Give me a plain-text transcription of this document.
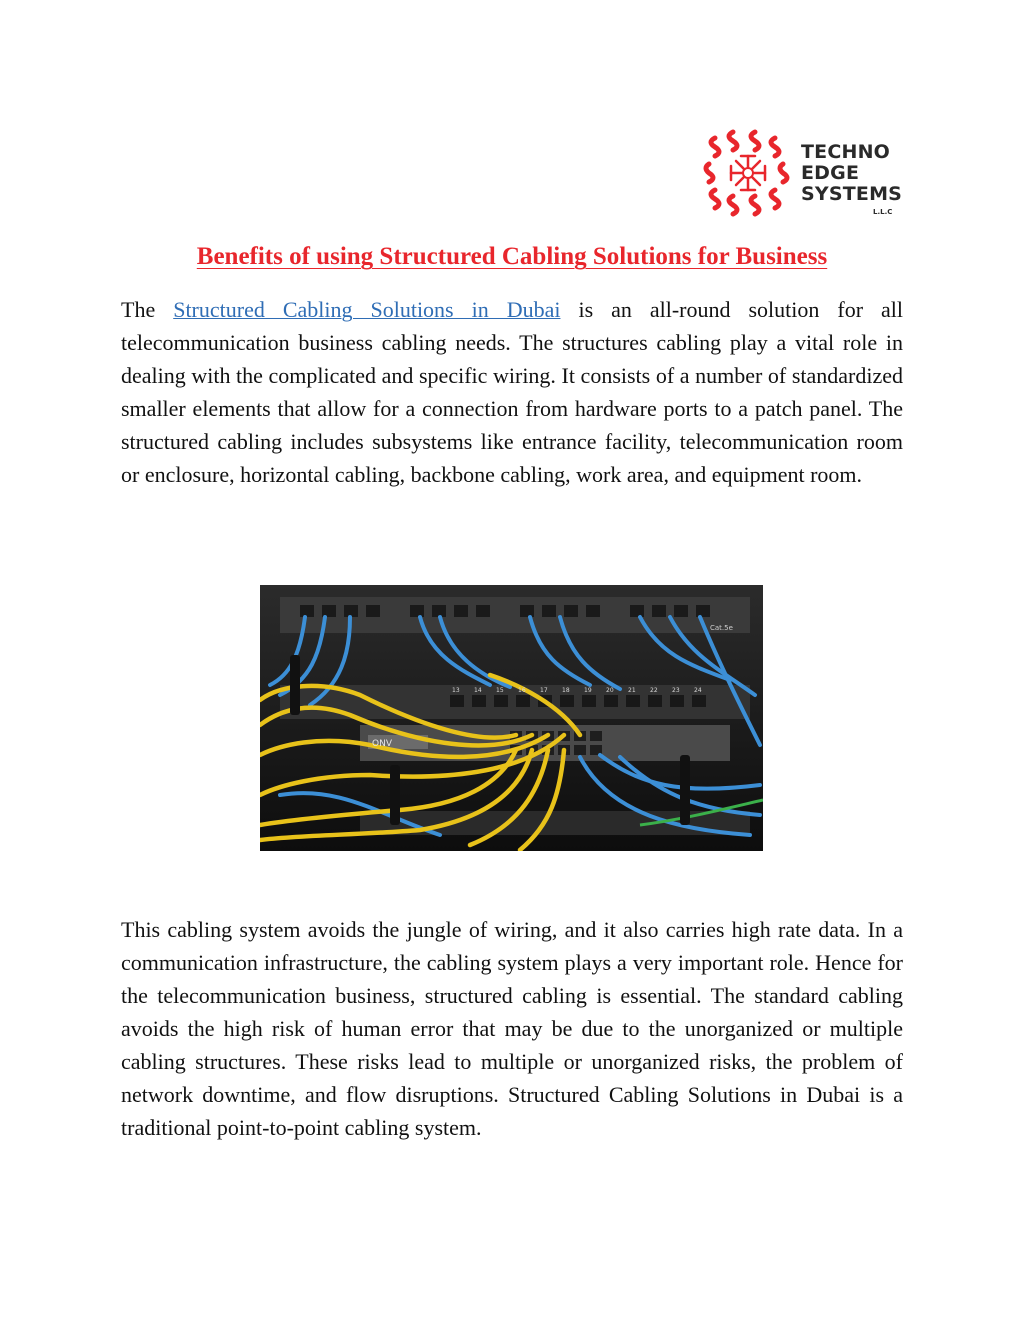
TECHNO
EDGE
SYSTEMS
L.L.C
Benefits of using Structured Cabling Solutions for Business

The Structured Cabling Solutions in Dubai is an all-round solution for all telecommunication business cabling needs. The structures cabling play a vital role in dealing with the complicated and specific wiring. It consists of a number of standardized smaller elements that allow for a connection from hardware ports to a patch panel. The structured cabling includes subsystems like entrance facility, telecommunication room or enclosure, horizontal cabling, backbone cabling, work area, and equipment room.

ONV
Cat.5e
13 14 15 16 17 18 19 20 21 22 23 24

This cabling system avoids the jungle of wiring, and it also carries high rate data. In a communication infrastructure, the cabling system plays a very important role. Hence for the telecommunication business, structured cabling is essential. The standard cabling avoids the high risk of human error that may be due to the unorganized or multiple cabling structures. These risks lead to multiple or unorganized risks, the problem of network downtime, and flow disruptions. Structured Cabling Solutions in Dubai is a traditional point-to-point cabling system.
